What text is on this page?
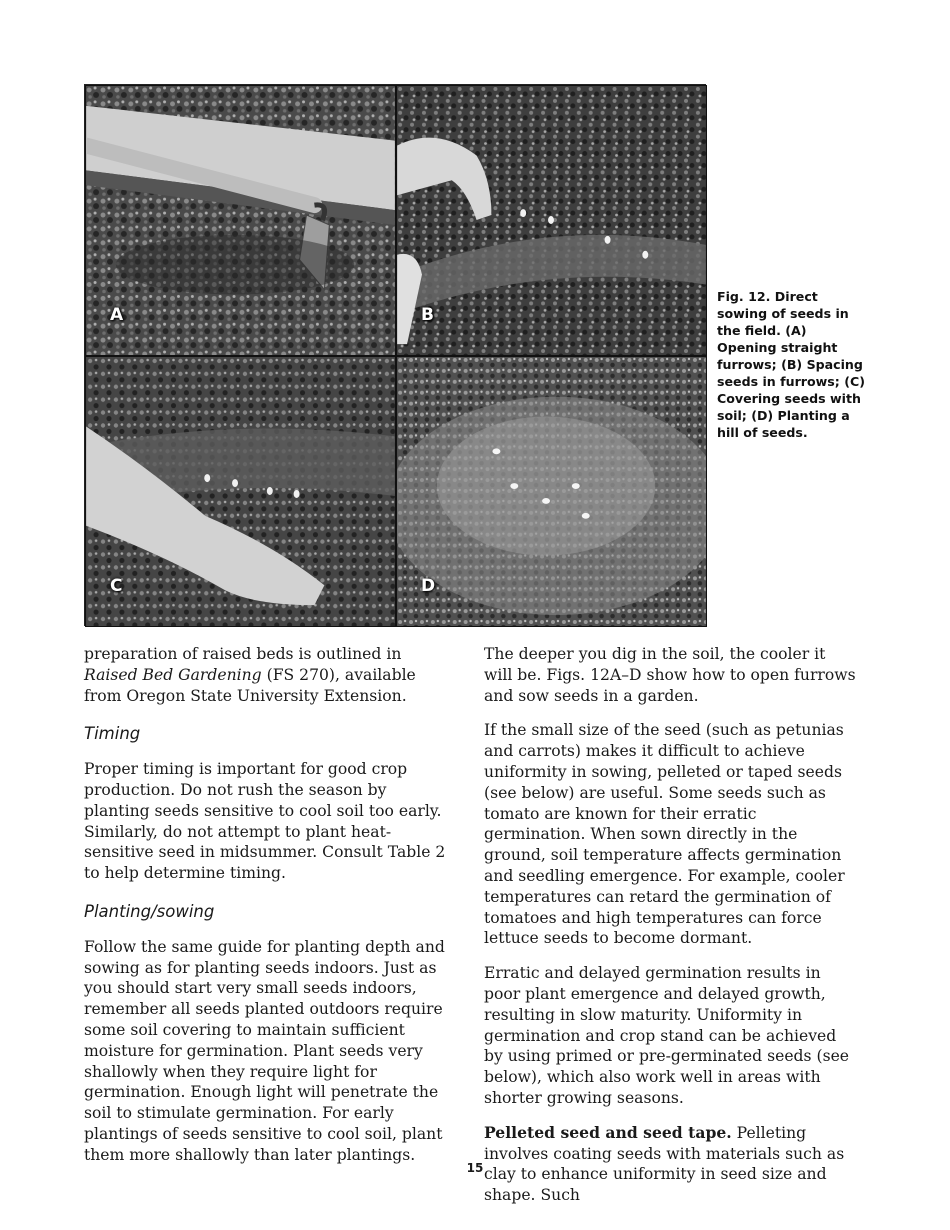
A	B
C	D
Fig. 12. Direct sowing of seeds in the field. (A) Opening straight furrows; (B) Spacing seeds in furrows; (C) Covering seeds with soil; (D) Planting a hill of seeds.

preparation of raised beds is outlined in Raised Bed Gardening (FS 270), available from Oregon State University Extension.

Timing

Proper timing is important for good crop production. Do not rush the season by planting seeds sensitive to cool soil too early. Similarly, do not attempt to plant heat-sensitive seed in midsummer. Consult Table 2 to help determine timing.

Planting/sowing

Follow the same guide for planting depth and sowing as for planting seeds indoors. Just as you should start very small seeds indoors, remember all seeds planted outdoors require some soil covering to maintain sufficient moisture for germination. Plant seeds very shallowly when they require light for germination. Enough light will penetrate the soil to stimulate germination. For early plantings of seeds sensitive to cool soil, plant them more shallowly than later plantings.

The deeper you dig in the soil, the cooler it will be. Figs. 12A–D show how to open furrows and sow seeds in a garden.

If the small size of the seed (such as petunias and carrots) makes it difficult to achieve uniformity in sowing, pelleted or taped seeds (see below) are useful. Some seeds such as tomato are known for their erratic germination. When sown directly in the ground, soil temperature affects germination and seedling emergence. For example, cooler temperatures can retard the germination of tomatoes and high temperatures can force lettuce seeds to become dormant.

Erratic and delayed germination results in poor plant emergence and delayed growth, resulting in slow maturity. Uniformity in germination and crop stand can be achieved by using primed or pre-germinated seeds (see below), which also work well in areas with shorter growing seasons.

Pelleted seed and seed tape. Pelleting involves coating seeds with materials such as clay to enhance uniformity in seed size and shape. Such

15
